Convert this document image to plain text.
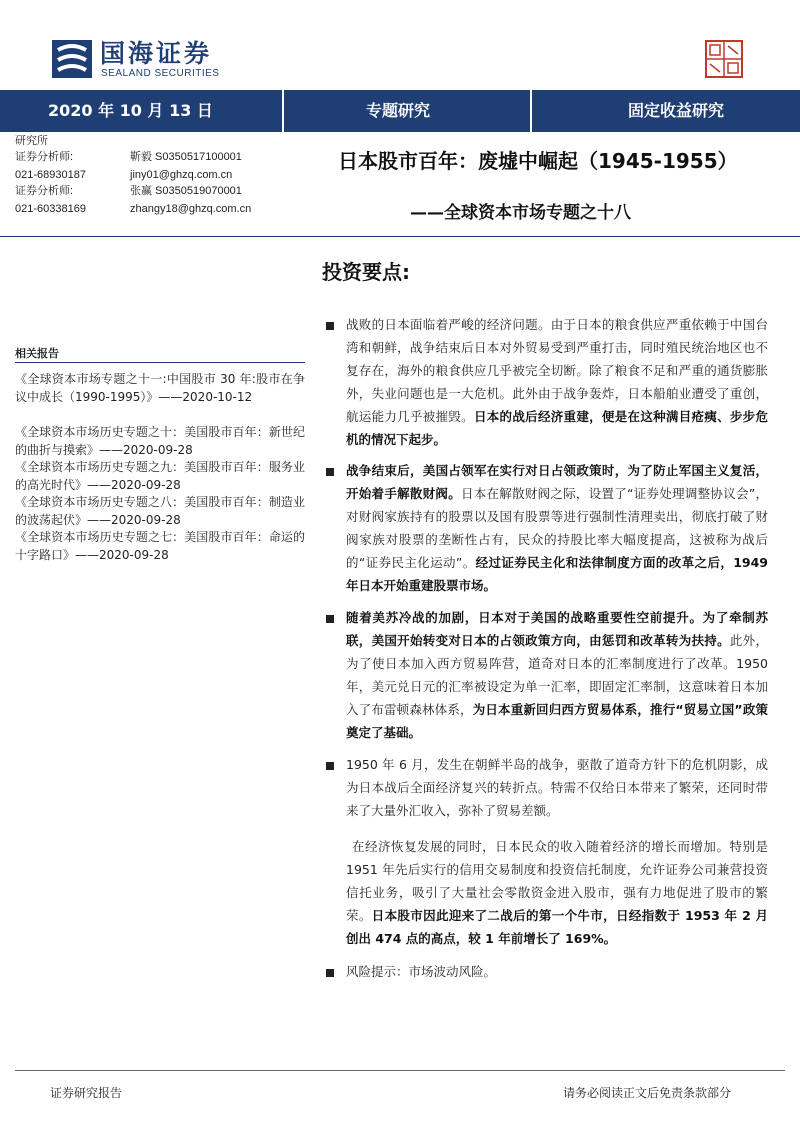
国海证券
SEALAND SECURITIES
2020 年 10 月 13 日	专题研究	固定收益研究
研究所
证券分析师:	靳毅 S0350517100001
021-68930187	jiny01@ghzq.com.cn
证券分析师:	张赢 S0350519070001
021-60338169	zhangy18@ghzq.com.cn
日本股市百年：废墟中崛起（1945-1955）
——全球资本市场专题之十八
投资要点:
相关报告
《全球资本市场专题之十一:中国股市 30 年:股市在争议中成长（1990-1995）》——2020-10-12
《全球资本市场历史专题之十：美国股市百年：新世纪的曲折与摸索》——2020-09-28
《全球资本市场历史专题之九：美国股市百年：服务业的高光时代》——2020-09-28
《全球资本市场历史专题之八：美国股市百年：制造业的波荡起伏》——2020-09-28
《全球资本市场历史专题之七：美国股市百年：命运的十字路口》——2020-09-28
战败的日本面临着严峻的经济问题。由于日本的粮食供应严重依赖于中国台湾和朝鲜，战争结束后日本对外贸易受到严重打击，同时殖民统治地区也不复存在，海外的粮食供应几乎被完全切断。除了粮食不足和严重的通货膨胀外，失业问题也是一大危机。此外由于战争轰炸，日本船舶业遭受了重创，航运能力几乎被摧毁。日本的战后经济重建，便是在这种满目疮痍、步步危机的情况下起步。
战争结束后，美国占领军在实行对日占领政策时，为了防止军国主义复活，开始着手解散财阀。日本在解散财阀之际，设置了“证券处理调整协议会”，对财阀家族持有的股票以及国有股票等进行强制性清理卖出，彻底打破了财阀家族对股票的垄断性占有，民众的持股比率大幅度提高，这被称为战后的“证券民主化运动”。经过证券民主化和法律制度方面的改革之后，1949 年日本开始重建股票市场。
随着美苏冷战的加剧，日本对于美国的战略重要性空前提升。为了牵制苏联，美国开始转变对日本的占领政策方向，由惩罚和改革转为扶持。此外，为了使日本加入西方贸易阵营，道奇对日本的汇率制度进行了改革。1950 年，美元兑日元的汇率被设定为单一汇率，即固定汇率制，这意味着日本加入了布雷顿森林体系，为日本重新回归西方贸易体系，推行“贸易立国”政策奠定了基础。
1950 年 6 月，发生在朝鲜半岛的战争，驱散了道奇方针下的危机阴影，成为日本战后全面经济复兴的转折点。特需不仅给日本带来了繁荣，还同时带来了大量外汇收入，弥补了贸易差额。
在经济恢复发展的同时，日本民众的收入随着经济的增长而增加。特别是 1951 年先后实行的信用交易制度和投资信托制度，允许证券公司兼营投资信托业务，吸引了大量社会零散资金进入股市，强有力地促进了股市的繁荣。日本股市因此迎来了二战后的第一个牛市，日经指数于 1953 年 2 月创出 474 点的高点，较 1 年前增长了 169%。
风险提示：市场波动风险。
证券研究报告	请务必阅读正文后免责条款部分
